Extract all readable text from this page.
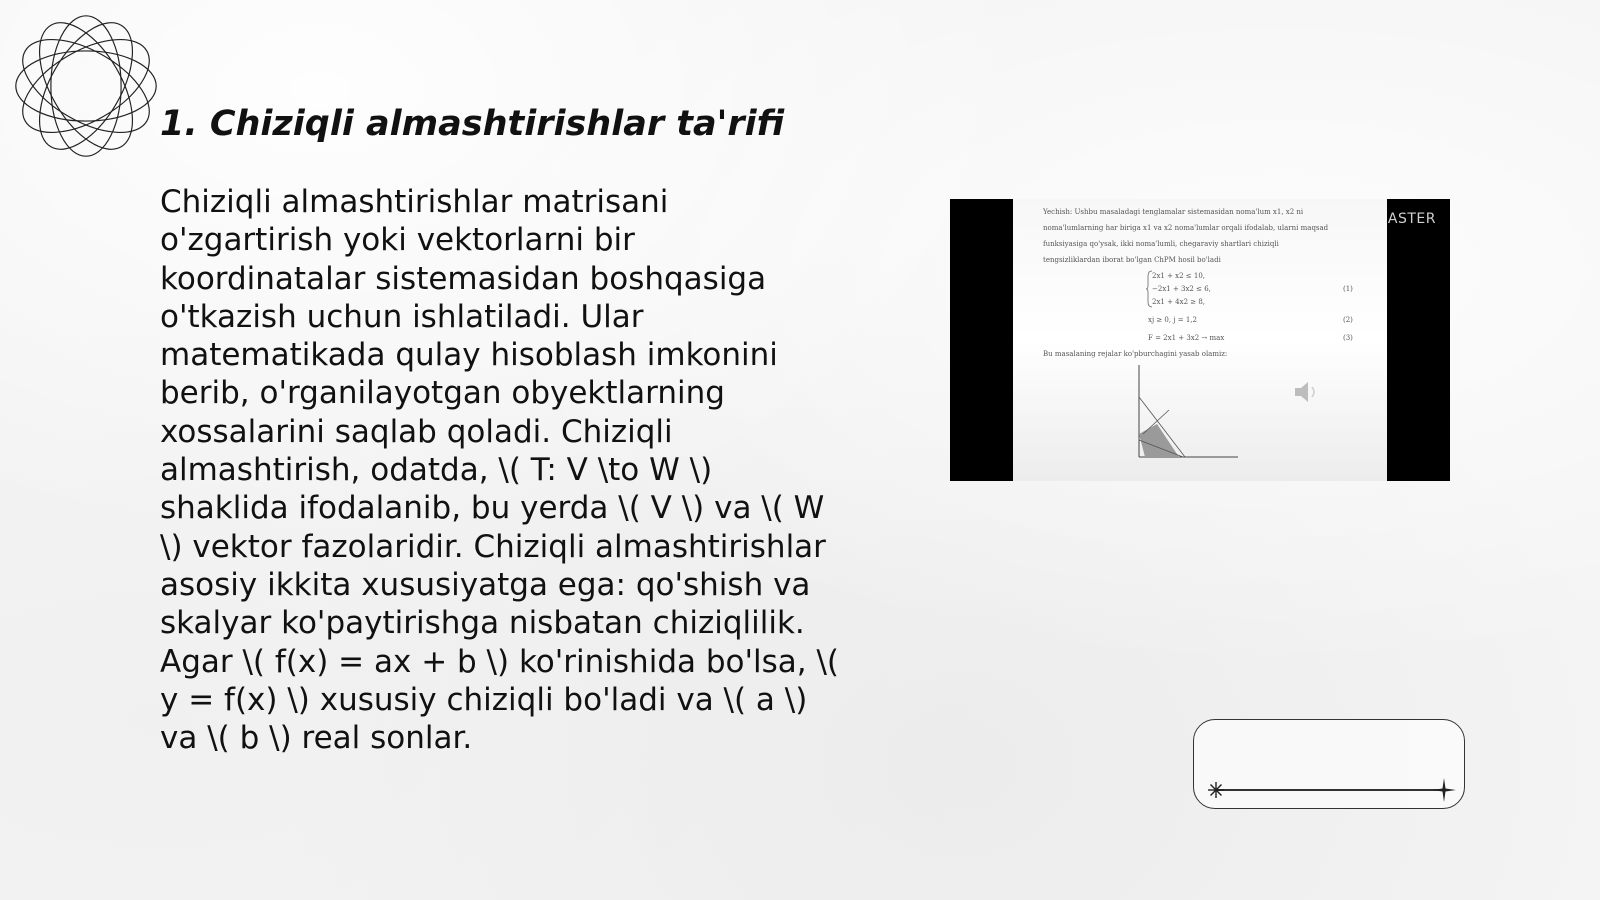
1. Chiziqli almashtirishlar ta'rifi

Chiziqli almashtirishlar matrisani o'zgartirish yoki vektorlarni bir koordinatalar sistemasidan boshqasiga o'tkazish uchun ishlatiladi. Ular matematikada qulay hisoblash imkonini berib, o'rganilayotgan obyektlarning xossalarini saqlab qoladi. Chiziqli almashtirish, odatda, \( T: V \to W \) shaklida ifodalanib, bu yerda \( V \) va \( W \) vektor fazolaridir. Chiziqli almashtirishlar asosiy ikkita xususiyatga ega: qo'shish va skalyar ko'paytirishga nisbatan chiziqlilik. Agar \( f(x) = ax + b \) ko'rinishida bo'lsa, \( y = f(x) \) xususiy chiziqli bo'ladi va \( a \) va \( b \) real sonlar.

Yechish: Ushbu masaladagi tenglamalar sistemasidan noma'lum x1, x2 ni
noma'lumlarning har biriga x1 va x2 noma'lumlar orqali ifodalab, ularni maqsad
funksiyasiga qo'ysak, ikki noma'lumli, chegaraviy shartlari chiziqli
tengsizliklardan iborat bo'lgan ChPM hosil bo'ladi
2x1 + x2 ≤ 10,
−2x1 + 3x2 ≤ 6,
2x1 + 4x2 ≥ 8,
(1)
xj ≥ 0, j = 1,2	(2)
F = 2x1 + 3x2 → max	(3)
Bu masalaning rejalar ko'pburchagini yasab olamiz:
ASTER
